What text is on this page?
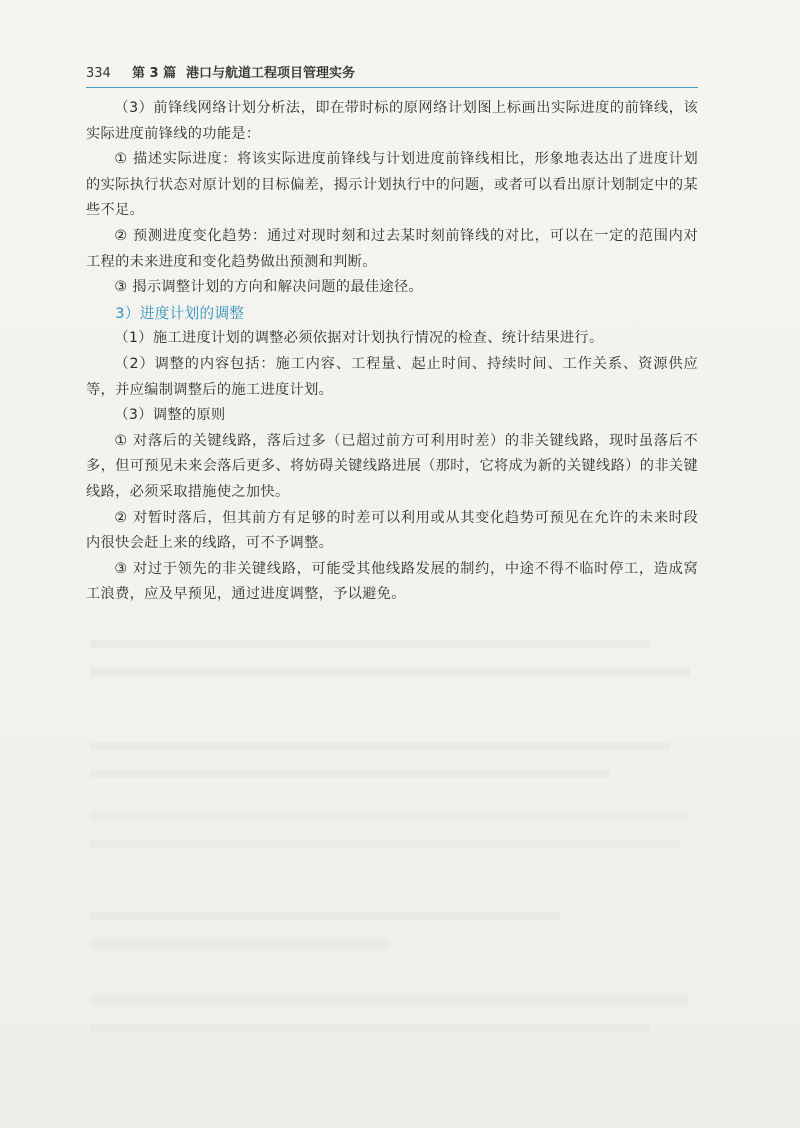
334 第 3 篇 港口与航道工程项目管理实务

（3）前锋线网络计划分析法，即在带时标的原网络计划图上标画出实际进度的前锋线，该实际进度前锋线的功能是：

① 描述实际进度：将该实际进度前锋线与计划进度前锋线相比，形象地表达出了进度计划的实际执行状态对原计划的目标偏差，揭示计划执行中的问题，或者可以看出原计划制定中的某些不足。

② 预测进度变化趋势：通过对现时刻和过去某时刻前锋线的对比，可以在一定的范围内对工程的未来进度和变化趋势做出预测和判断。

③ 揭示调整计划的方向和解决问题的最佳途径。

3）进度计划的调整

（1）施工进度计划的调整必须依据对计划执行情况的检查、统计结果进行。

（2）调整的内容包括：施工内容、工程量、起止时间、持续时间、工作关系、资源供应等，并应编制调整后的施工进度计划。

（3）调整的原则

① 对落后的关键线路，落后过多（已超过前方可利用时差）的非关键线路，现时虽落后不多，但可预见未来会落后更多、将妨碍关键线路进展（那时，它将成为新的关键线路）的非关键线路，必须采取措施使之加快。

② 对暂时落后，但其前方有足够的时差可以利用或从其变化趋势可预见在允许的未来时段内很快会赶上来的线路，可不予调整。

③ 对过于领先的非关键线路，可能受其他线路发展的制约，中途不得不临时停工，造成窝工浪费，应及早预见，通过进度调整，予以避免。
